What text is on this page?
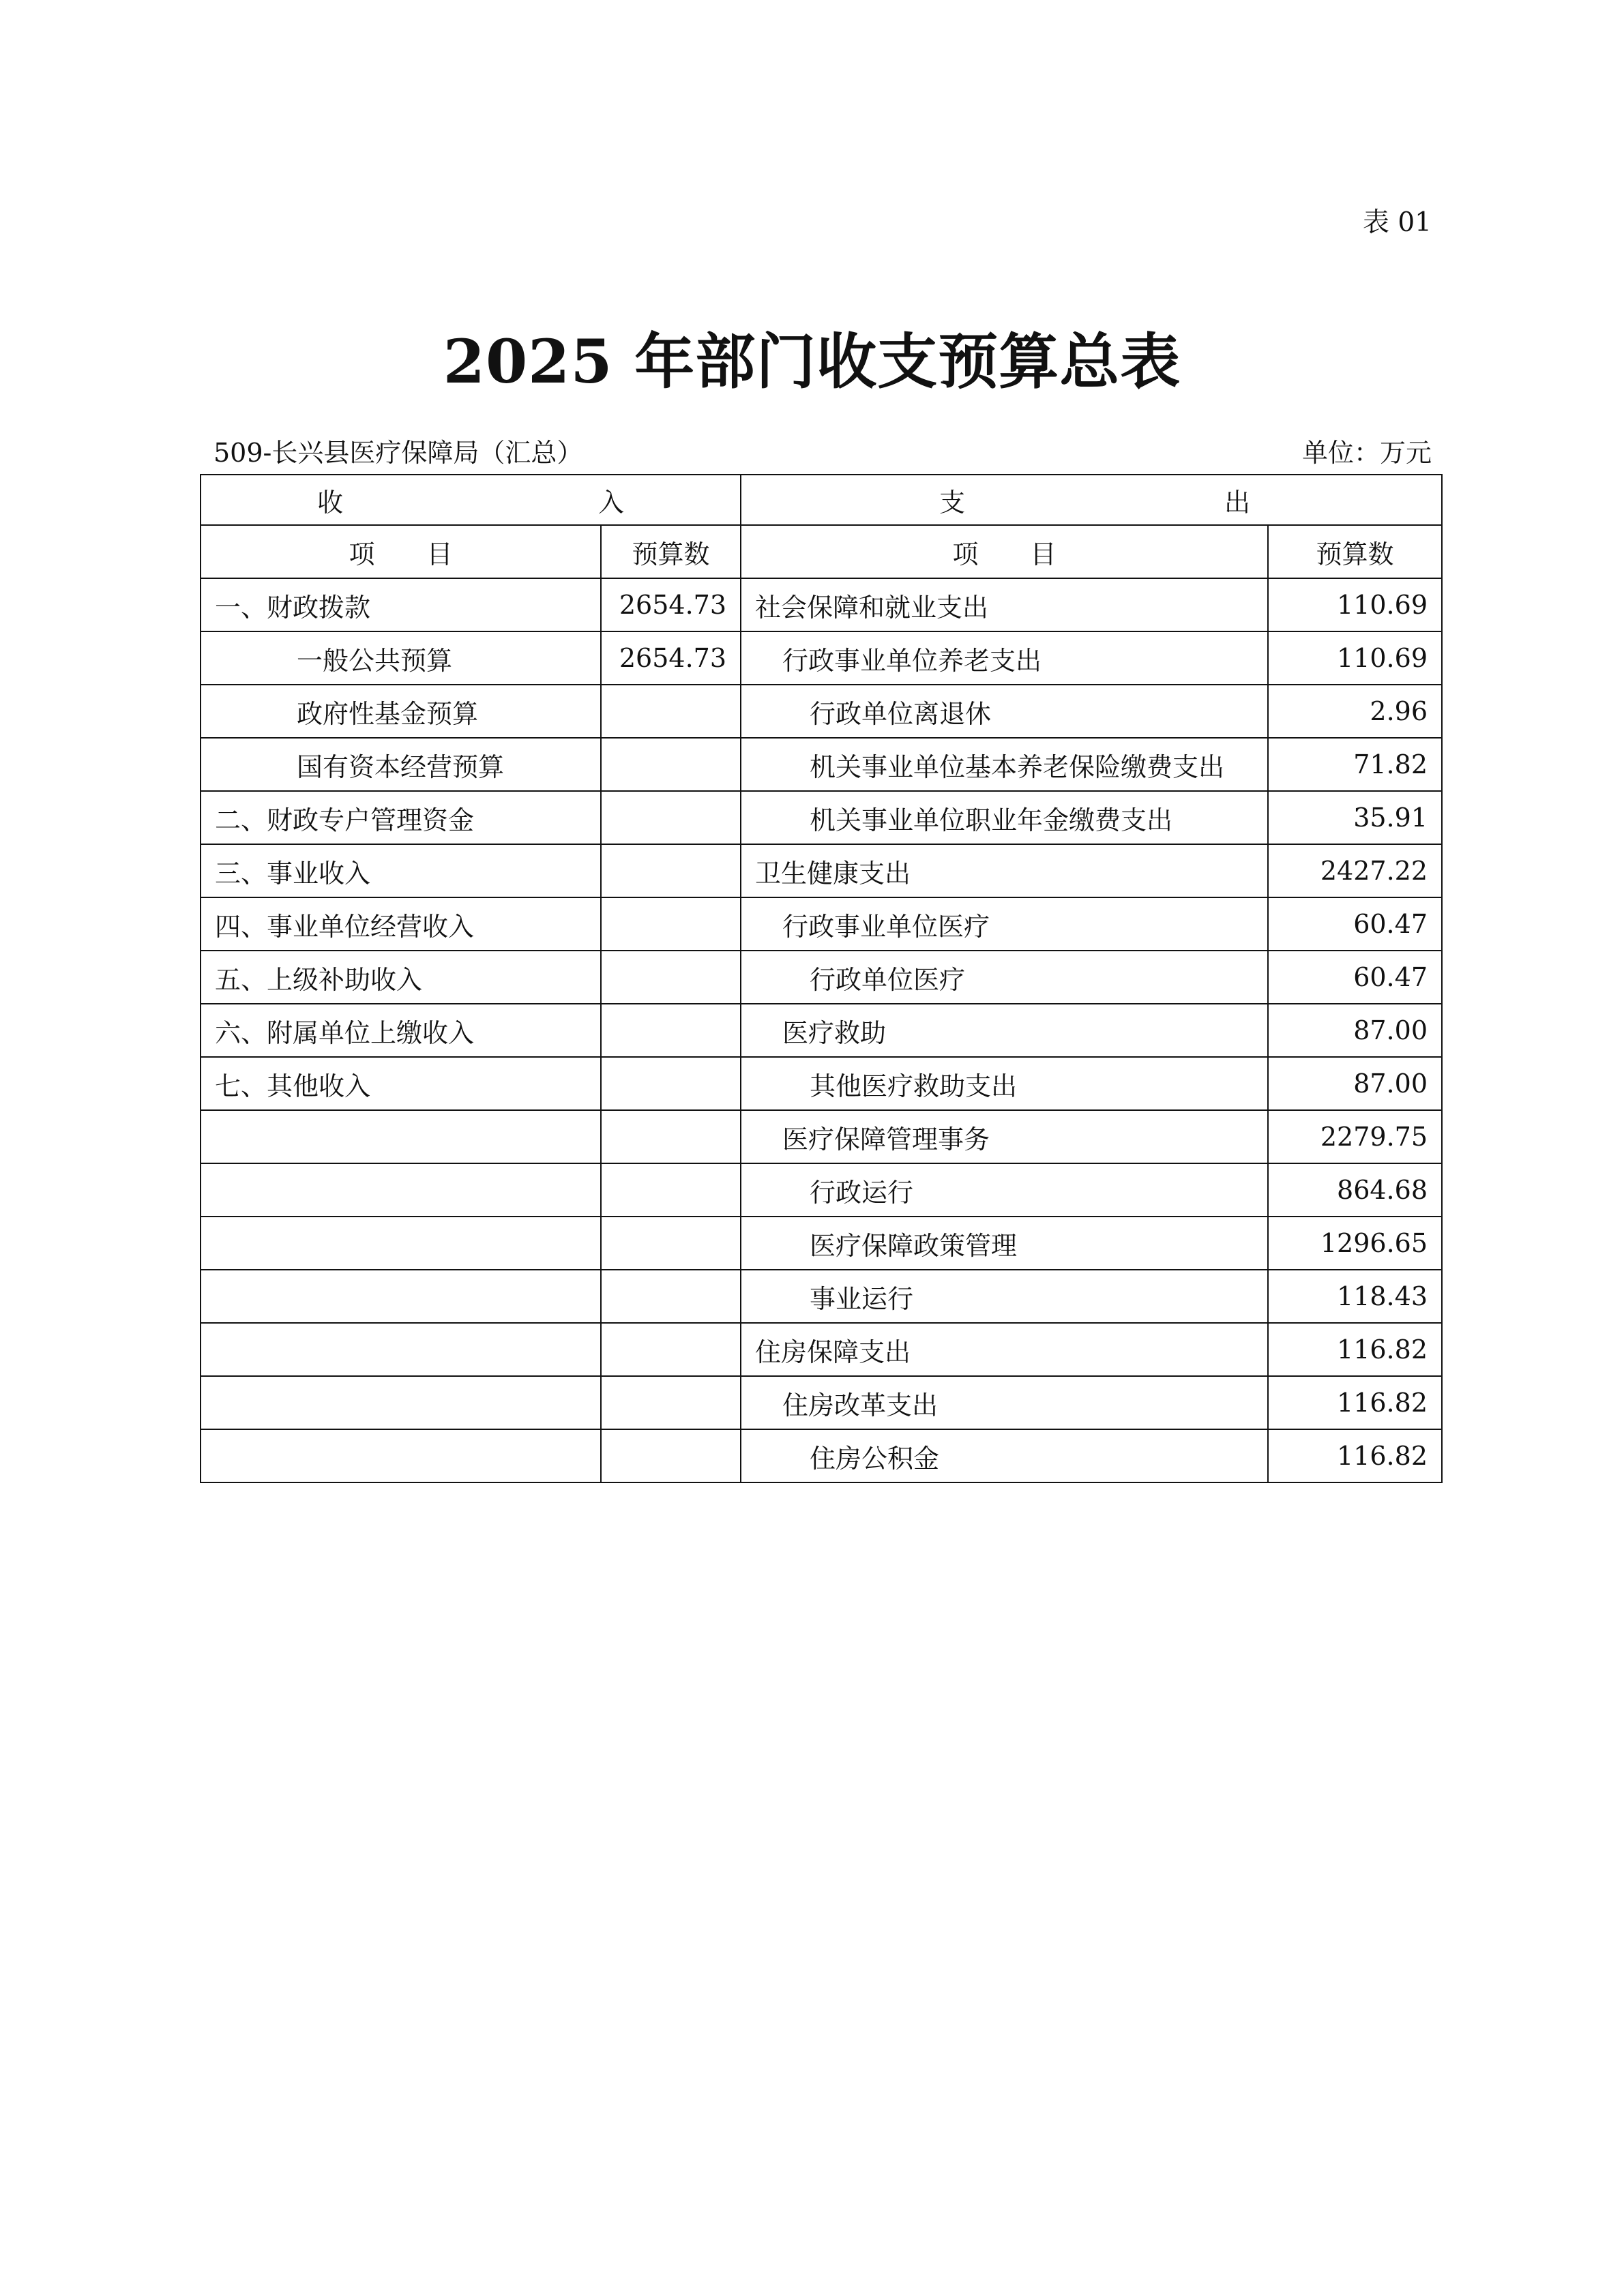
表 01
2025 年部门收支预算总表
509-长兴县医疗保障局（汇总）	单位：万元
收 入		支 出	

项　　目	预算数	项　　目	预算数
一、财政拨款	2654.73	社会保障和就业支出	110.69
一般公共预算	2654.73	行政事业单位养老支出	110.69
政府性基金预算		行政单位离退休	2.96
国有资本经营预算		机关事业单位基本养老保险缴费支出	71.82
二、财政专户管理资金		机关事业单位职业年金缴费支出	35.91
三、事业收入		卫生健康支出	2427.22
四、事业单位经营收入		行政事业单位医疗	60.47
五、上级补助收入		行政单位医疗	60.47
六、附属单位上缴收入		医疗救助	87.00
七、其他收入		其他医疗救助支出	87.00
		医疗保障管理事务	2279.75
		行政运行	864.68
		医疗保障政策管理	1296.65
		事业运行	118.43
		住房保障支出	116.82
		住房改革支出	116.82
		住房公积金	116.82
